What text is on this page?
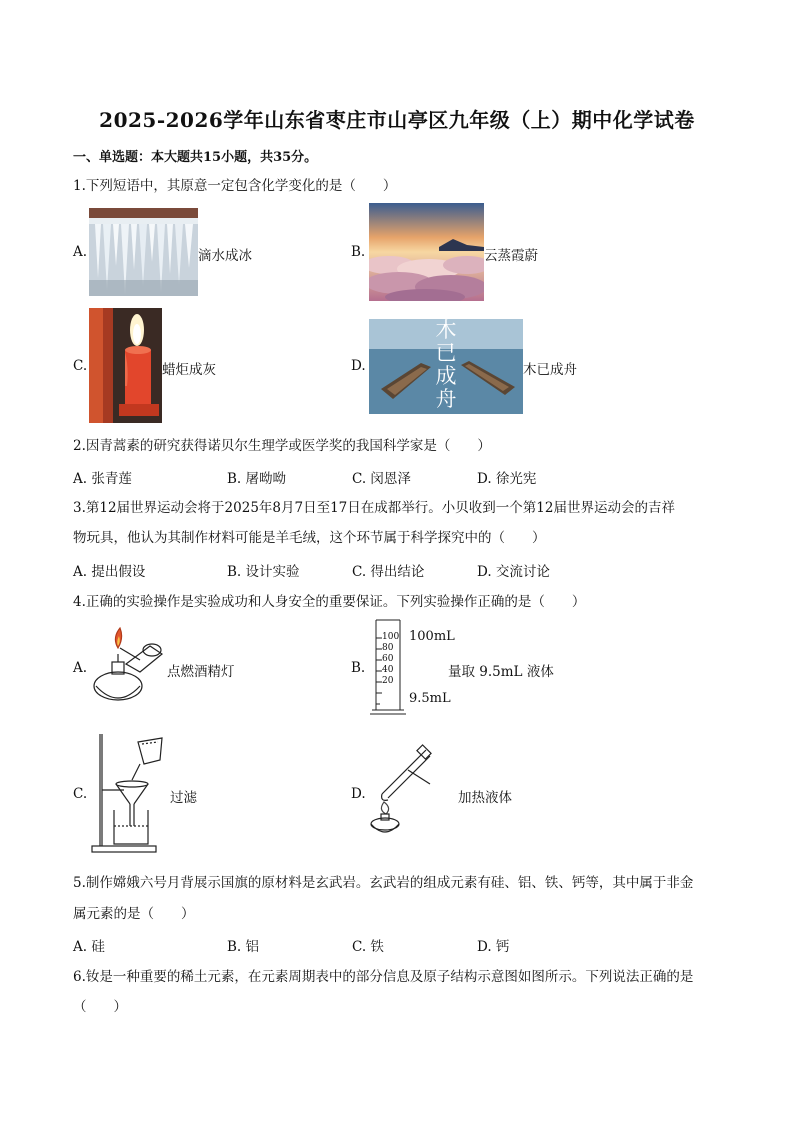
2025-2026学年山东省枣庄市山亭区九年级（上）期中化学试卷
一、单选题：本大题共15小题，共35分。
1.下列短语中，其原意一定包含化学变化的是（　　）
A.	滴水成冰	B.	云蒸霞蔚
C.	蜡炬成灰	D.
木已成舟
木已成舟
2.因青蒿素的研究获得诺贝尔生理学或医学奖的我国科学家是（　　）
A. 张青莲	B. 屠呦呦	C. 闵恩泽	D. 徐光宪
3.第12届世界运动会将于2025年8月7日至17日在成都举行。小贝收到一个第12届世界运动会的吉祥
物玩具，他认为其制作材料可能是羊毛绒，这个环节属于科学探究中的（　　）
A. 提出假设	B. 设计实验	C. 得出结论	D. 交流讨论
4.正确的实验操作是实验成功和人身安全的重要保证。下列实验操作正确的是（　　）
A.	点燃酒精灯	B.
100
80
60
40
20
100mL
9.5mL
量取 9.5mL 液体
C.	过滤	D.	加热液体
5.制作嫦娥六号月背展示国旗的原材料是玄武岩。玄武岩的组成元素有硅、铝、铁、钙等，其中属于非金
属元素的是（　　）
A. 硅	B. 铝	C. 铁	D. 钙
6.钕是一种重要的稀土元素，在元素周期表中的部分信息及原子结构示意图如图所示。下列说法正确的是
（　　）
